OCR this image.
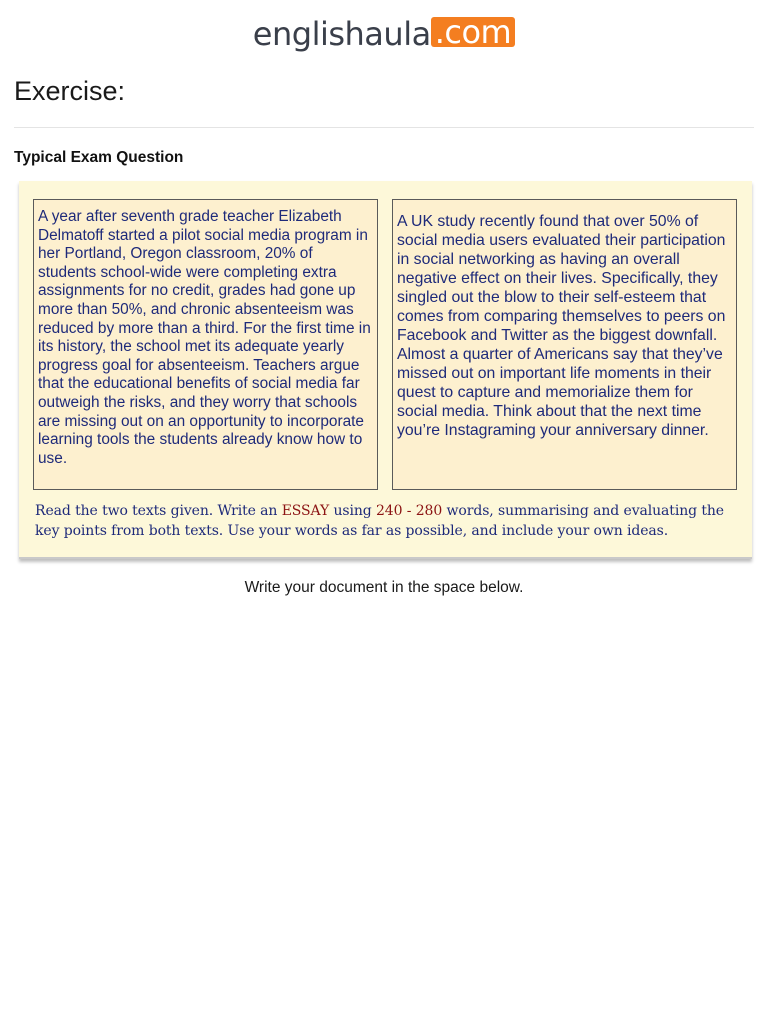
englishaula .com
Exercise:
Typical Exam Question
A year after seventh grade teacher Elizabeth Delmatoff started a pilot social media program in her Portland, Oregon classroom, 20% of students school-wide were completing extra assignments for no credit, grades had gone up more than 50%, and chronic absenteeism was reduced by more than a third. For the first time in its history, the school met its adequate yearly progress goal for absenteeism. Teachers argue that the educational benefits of social media far outweigh the risks, and they worry that schools are missing out on an opportunity to incorporate learning tools the students already know how to use.
A UK study recently found that over 50% of social media users evaluated their participation in social networking as having an overall negative effect on their lives. Specifically, they singled out the blow to their self-esteem that comes from comparing themselves to peers on Facebook and Twitter as the biggest downfall. Almost a quarter of Americans say that they’ve missed out on important life moments in their quest to capture and memorialize them for social media. Think about that the next time you’re Instagraming your anniversary dinner.
Read the two texts given. Write an ESSAY using 240 - 280 words, summarising and evaluating the key points from both texts. Use your words as far as possible, and include your own ideas.
Write your document in the space below.
